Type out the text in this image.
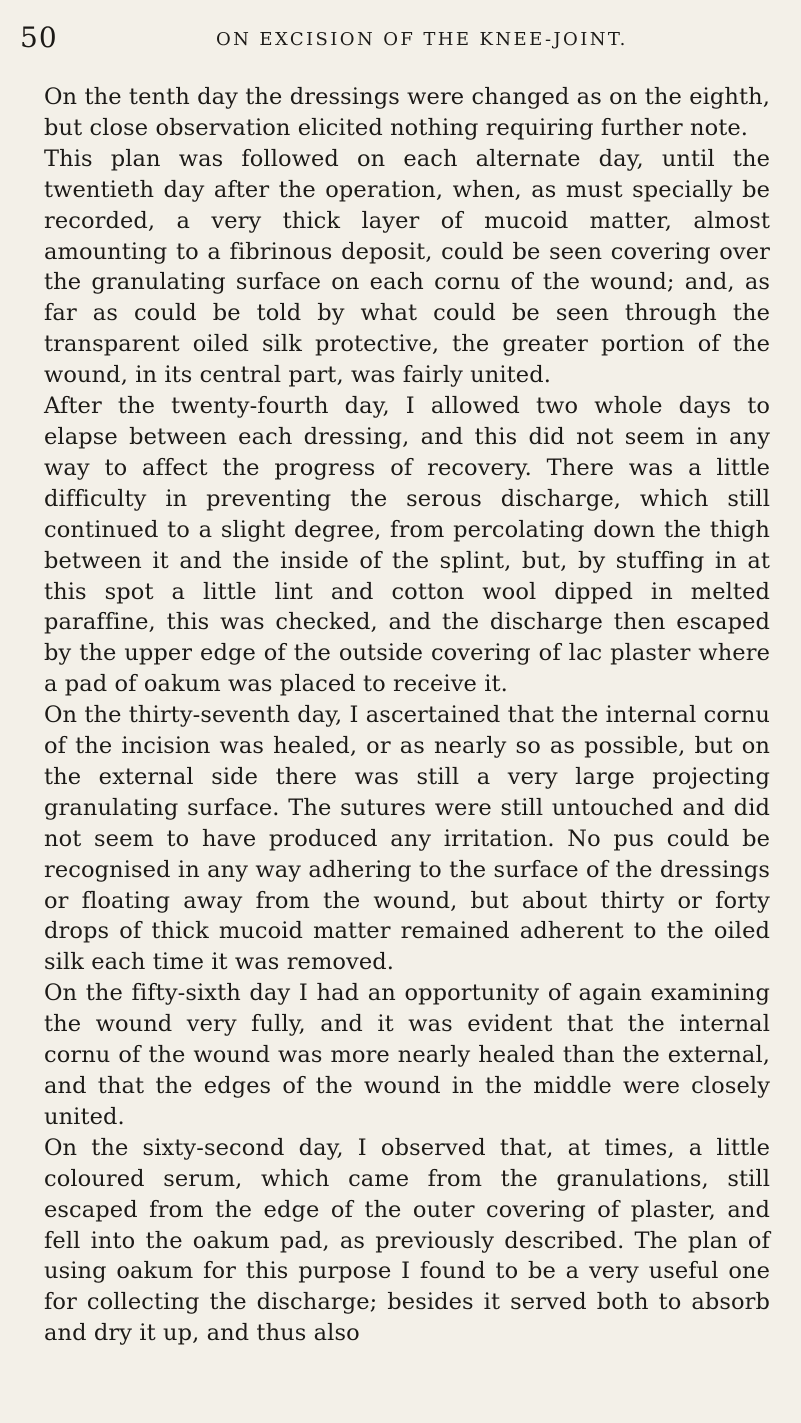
50	ON EXCISION OF THE KNEE-JOINT.

On the tenth day the dressings were changed as on the eighth, but close observation elicited nothing requiring further note.

This plan was followed on each alternate day, until the twentieth day after the operation, when, as must specially be recorded, a very thick layer of mucoid matter, almost amounting to a fibrinous deposit, could be seen covering over the granulating surface on each cornu of the wound; and, as far as could be told by what could be seen through the transparent oiled silk protective, the greater portion of the wound, in its central part, was fairly united.

After the twenty-fourth day, I allowed two whole days to elapse between each dressing, and this did not seem in any way to affect the progress of recovery. There was a little difficulty in preventing the serous discharge, which still continued to a slight degree, from percolating down the thigh between it and the inside of the splint, but, by stuffing in at this spot a little lint and cotton wool dipped in melted paraffine, this was checked, and the discharge then escaped by the upper edge of the outside covering of lac plaster where a pad of oakum was placed to receive it.

On the thirty-seventh day, I ascertained that the internal cornu of the incision was healed, or as nearly so as possible, but on the external side there was still a very large projecting granulating surface. The sutures were still untouched and did not seem to have produced any irritation. No pus could be recognised in any way adhering to the surface of the dressings or floating away from the wound, but about thirty or forty drops of thick mucoid matter remained adherent to the oiled silk each time it was removed.

On the fifty-sixth day I had an opportunity of again examining the wound very fully, and it was evident that the internal cornu of the wound was more nearly healed than the external, and that the edges of the wound in the middle were closely united.

On the sixty-second day, I observed that, at times, a little coloured serum, which came from the granulations, still escaped from the edge of the outer covering of plaster, and fell into the oakum pad, as previously described. The plan of using oakum for this purpose I found to be a very useful one for collecting the discharge; besides it served both to absorb and dry it up, and thus also
